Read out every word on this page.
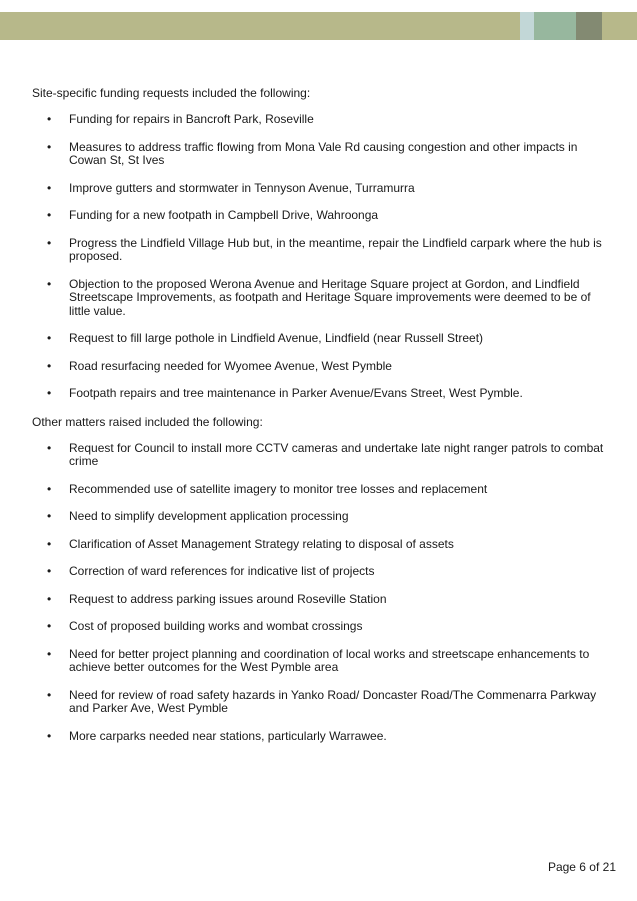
Site-specific funding requests included the following:

• Funding for repairs in Bancroft Park, Roseville
• Measures to address traffic flowing from Mona Vale Rd causing congestion and other impacts in Cowan St, St Ives
• Improve gutters and stormwater in Tennyson Avenue, Turramurra
• Funding for a new footpath in Campbell Drive, Wahroonga
• Progress the Lindfield Village Hub but, in the meantime, repair the Lindfield carpark where the hub is proposed.
• Objection to the proposed Werona Avenue and Heritage Square project at Gordon, and Lindfield Streetscape Improvements, as footpath and Heritage Square improvements were deemed to be of little value.
• Request to fill large pothole in Lindfield Avenue, Lindfield (near Russell Street)
• Road resurfacing needed for Wyomee Avenue, West Pymble
• Footpath repairs and tree maintenance in Parker Avenue/Evans Street, West Pymble.

Other matters raised included the following:

• Request for Council to install more CCTV cameras and undertake late night ranger patrols to combat crime
• Recommended use of satellite imagery to monitor tree losses and replacement
• Need to simplify development application processing
• Clarification of Asset Management Strategy relating to disposal of assets
• Correction of ward references for indicative list of projects
• Request to address parking issues around Roseville Station
• Cost of proposed building works and wombat crossings
• Need for better project planning and coordination of local works and streetscape enhancements to achieve better outcomes for the West Pymble area
• Need for review of road safety hazards in Yanko Road/ Doncaster Road/The Commenarra Parkway and Parker Ave, West Pymble
• More carparks needed near stations, particularly Warrawee.
Page 6 of 21
